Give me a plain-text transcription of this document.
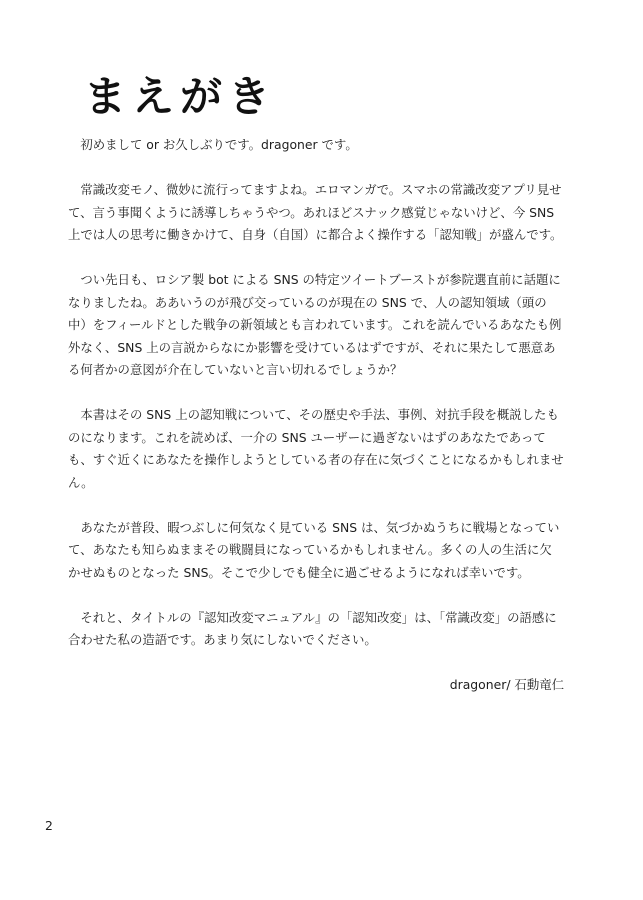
まえがき

初めまして or お久しぶりです。dragoner です。

常識改変モノ、微妙に流行ってますよね。エロマンガで。スマホの常識改変アプリ見せて、言う事聞くように誘導しちゃうやつ。あれほどスナック感覚じゃないけど、今 SNS 上では人の思考に働きかけて、自身（自国）に都合よく操作する「認知戦」が盛んです。

つい先日も、ロシア製 bot による SNS の特定ツイートブーストが参院選直前に話題になりましたね。ああいうのが飛び交っているのが現在の SNS で、人の認知領域（頭の中）をフィールドとした戦争の新領域とも言われています。これを読んでいるあなたも例外なく、SNS 上の言説からなにか影響を受けているはずですが、それに果たして悪意ある何者かの意図が介在していないと言い切れるでしょうか？

本書はその SNS 上の認知戦について、その歴史や手法、事例、対抗手段を概説したものになります。これを読めば、一介の SNS ユーザーに過ぎないはずのあなたであっても、すぐ近くにあなたを操作しようとしている者の存在に気づくことになるかもしれません。

あなたが普段、暇つぶしに何気なく見ている SNS は、気づかぬうちに戦場となっていて、あなたも知らぬままその戦闘員になっているかもしれません。多くの人の生活に欠かせぬものとなった SNS。そこで少しでも健全に過ごせるようになれば幸いです。

それと、タイトルの『認知改変マニュアル』の「認知改変」は、「常識改変」の語感に合わせた私の造語です。あまり気にしないでください。

dragoner/ 石動竜仁

2
